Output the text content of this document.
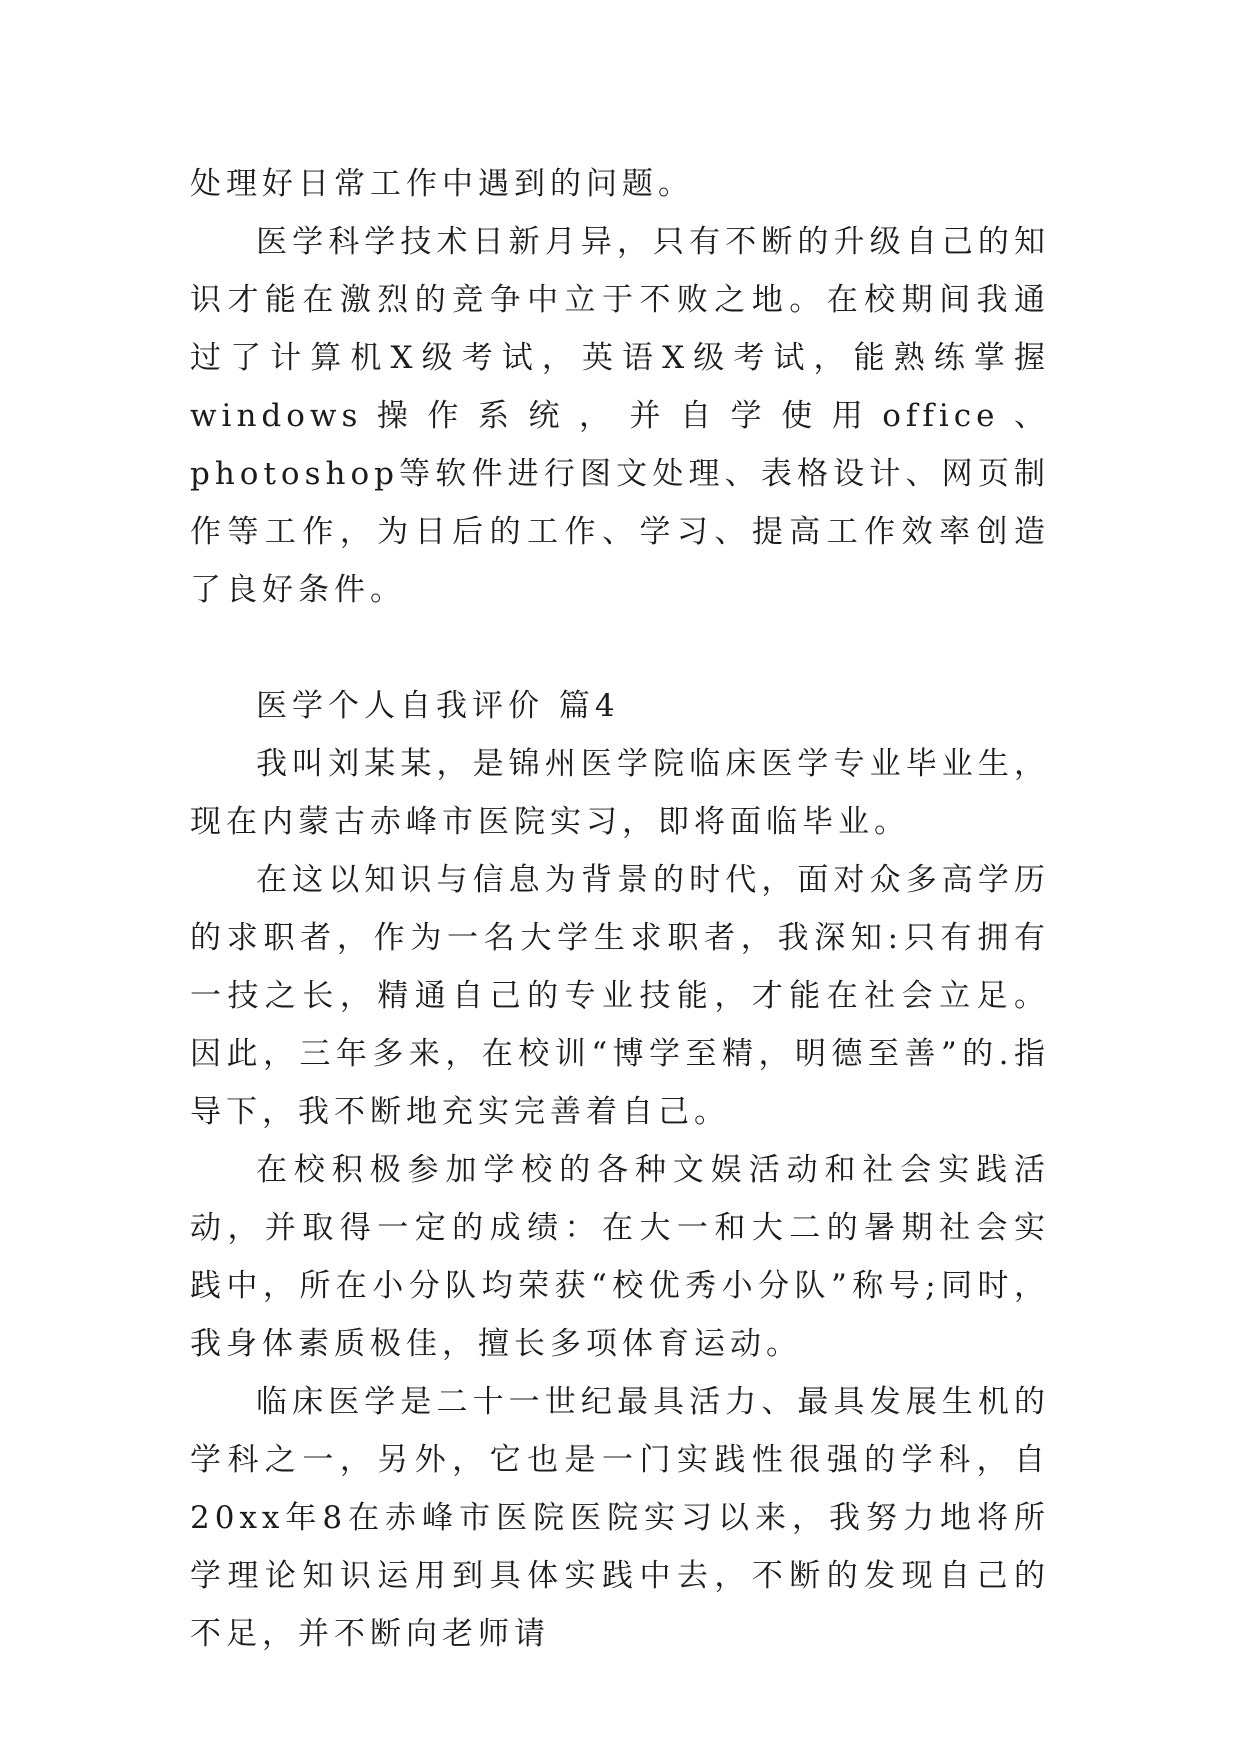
处理好日常工作中遇到的问题。

医学科学技术日新月异，只有不断的升级自己的知识才能在激烈的竞争中立于不败之地。在校期间我通过了计算机X级考试，英语X级考试，能熟练掌握windows操作系统，并自学使用office、photoshop等软件进行图文处理、表格设计、网页制作等工作，为日后的工作、学习、提高工作效率创造了良好条件。

医学个人自我评价 篇4

我叫刘某某，是锦州医学院临床医学专业毕业生，现在内蒙古赤峰市医院实习，即将面临毕业。

在这以知识与信息为背景的时代，面对众多高学历的求职者，作为一名大学生求职者，我深知:只有拥有一技之长，精通自己的专业技能，才能在社会立足。因此，三年多来，在校训“博学至精，明德至善”的.指导下，我不断地充实完善着自己。

在校积极参加学校的各种文娱活动和社会实践活动，并取得一定的成绩：在大一和大二的暑期社会实践中，所在小分队均荣获“校优秀小分队”称号;同时，我身体素质极佳，擅长多项体育运动。

临床医学是二十一世纪最具活力、最具发展生机的学科之一，另外，它也是一门实践性很强的学科，自20xx年8在赤峰市医院医院实习以来，我努力地将所学理论知识运用到具体实践中去，不断的发现自己的不足，并不断向老师请
